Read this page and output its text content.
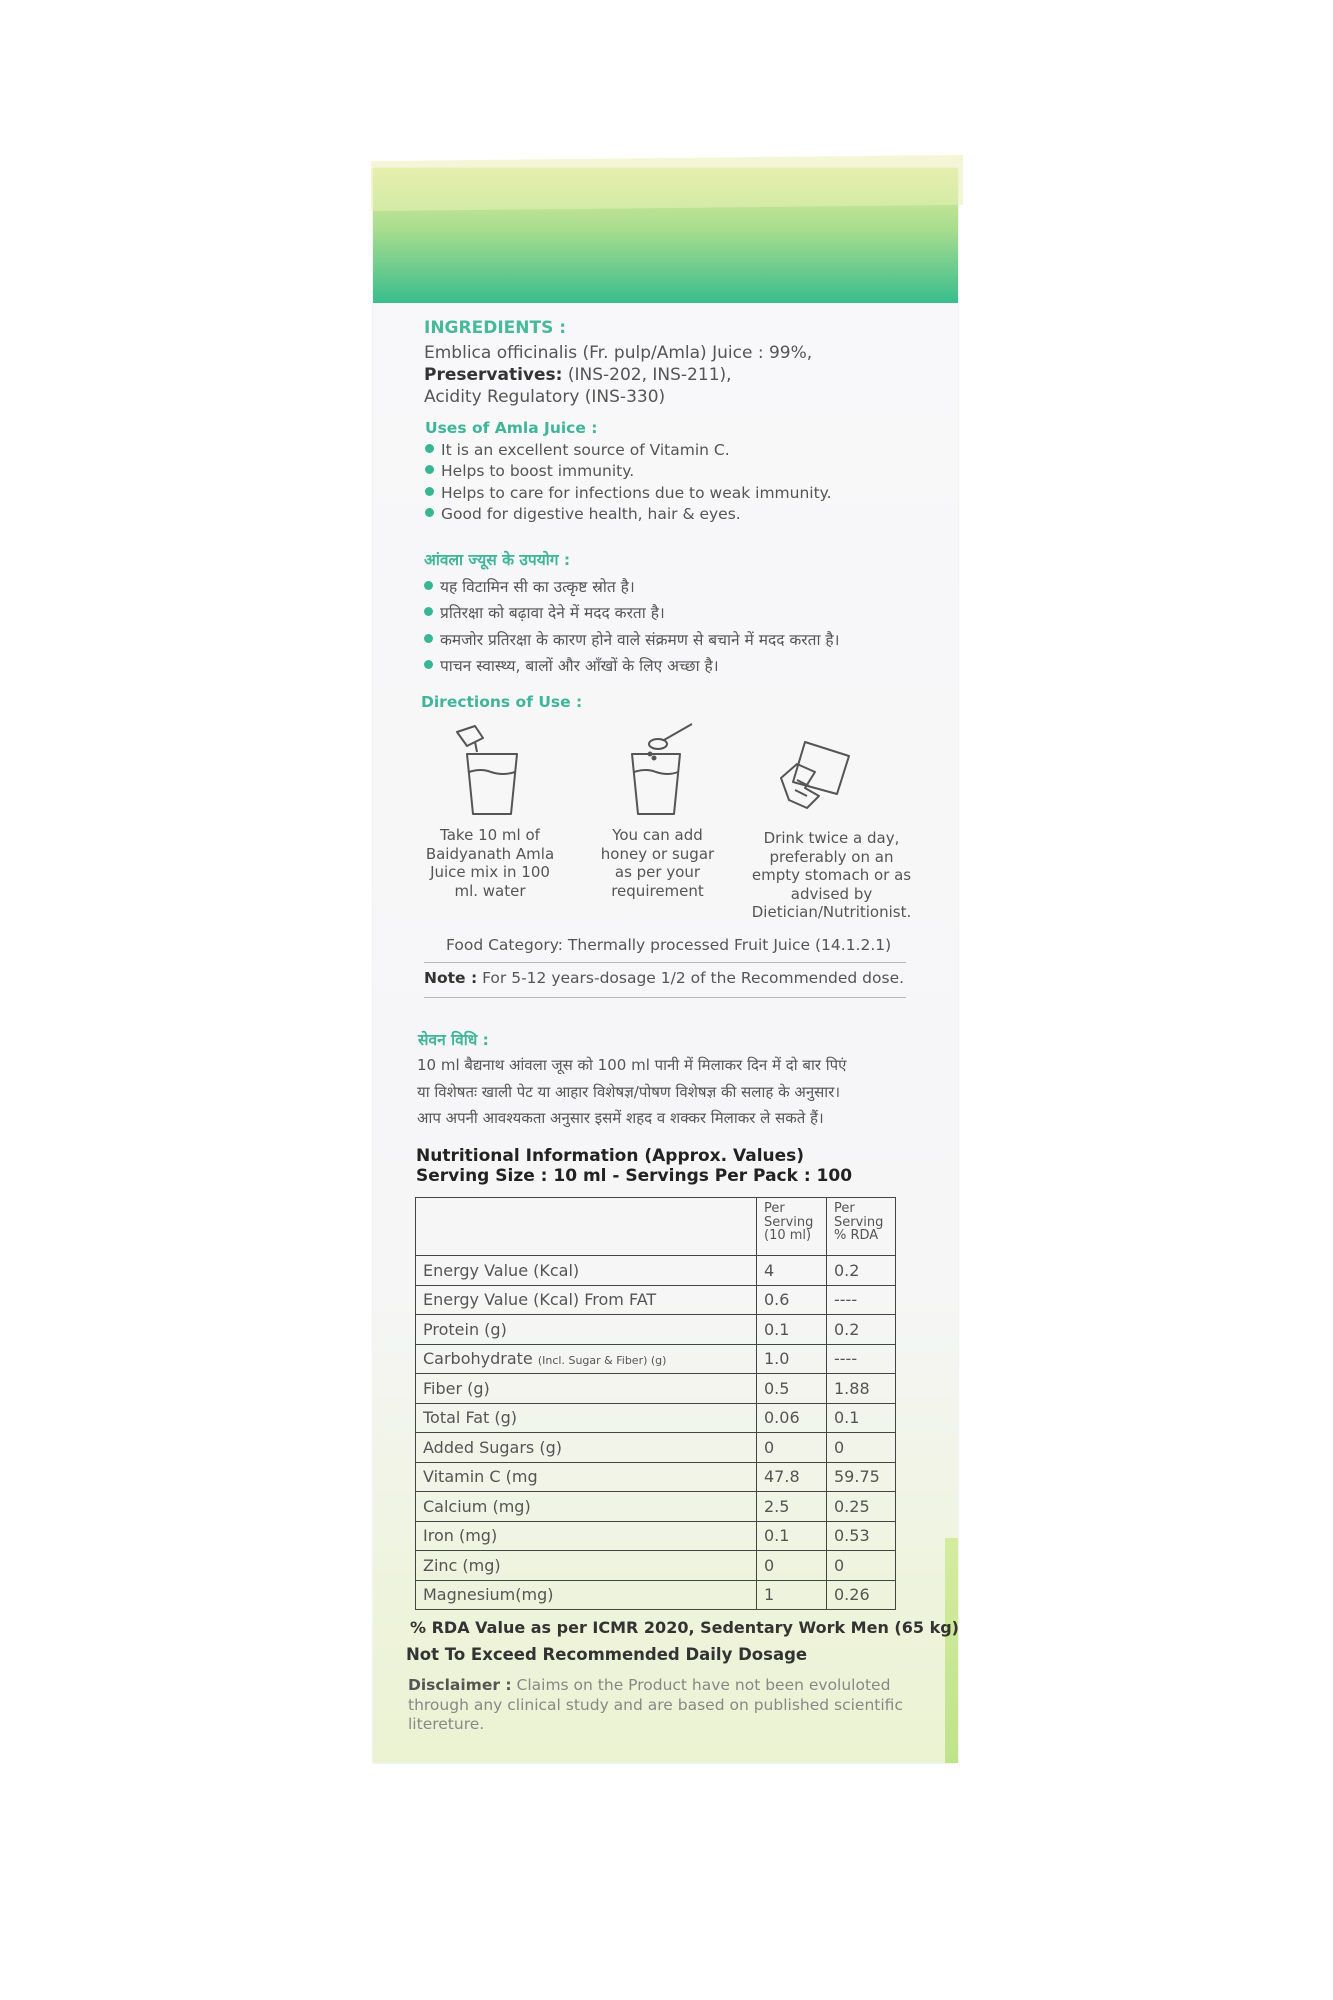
INGREDIENTS :
Emblica officinalis (Fr. pulp/Amla) Juice : 99%,
Preservatives: (INS-202, INS-211),
Acidity Regulatory (INS-330)
Uses of Amla Juice :
It is an excellent source of Vitamin C.
Helps to boost immunity.
Helps to care for infections due to weak immunity.
Good for digestive health, hair & eyes.
आंवला ज्यूस के उपयोग :
यह विटामिन सी का उत्कृष्ट स्रोत है।
प्रतिरक्षा को बढ़ावा देने में मदद करता है।
कमजोर प्रतिरक्षा के कारण होने वाले संक्रमण से बचाने में मदद करता है।
पाचन स्वास्थ्य, बालों और आँखों के लिए अच्छा है।
Directions of Use :
Take 10 ml of Baidyanath Amla Juice mix in 100 ml. water
You can add honey or sugar as per your requirement
Drink twice a day, preferably on an empty stomach or as advised by Dietician/Nutritionist.
Food Category: Thermally processed Fruit Juice (14.1.2.1)
Note : For 5-12 years-dosage 1/2 of the Recommended dose.
सेवन विधि :
10 ml बैद्यनाथ आंवला जूस को 100 ml पानी में मिलाकर दिन में दो बार पिएं
या विशेषतः खाली पेट या आहार विशेषज्ञ/पोषण विशेषज्ञ की सलाह के अनुसार।
आप अपनी आवश्यकता अनुसार इसमें शहद व शक्कर मिलाकर ले सकते हैं।
Nutritional Information (Approx. Values)
Serving Size : 10 ml - Servings Per Pack : 100
	Per Serving (10 ml)	Per Serving % RDA
Energy Value (Kcal)	4	0.2
Energy Value (Kcal) From FAT	0.6	----
Protein (g)	0.1	0.2
Carbohydrate (Incl. Sugar & Fiber) (g)	1.0	----
Fiber (g)	0.5	1.88
Total Fat (g)	0.06	0.1
Added Sugars (g)	0	0
Vitamin C (mg	47.8	59.75
Calcium (mg)	2.5	0.25
Iron (mg)	0.1	0.53
Zinc (mg)	0	0
Magnesium(mg)	1	0.26
% RDA Value as per ICMR 2020, Sedentary Work Men (65 kg)
Not To Exceed Recommended Daily Dosage
Disclaimer : Claims on the Product have not been evoluloted through any clinical study and are based on published scientific litereture.
